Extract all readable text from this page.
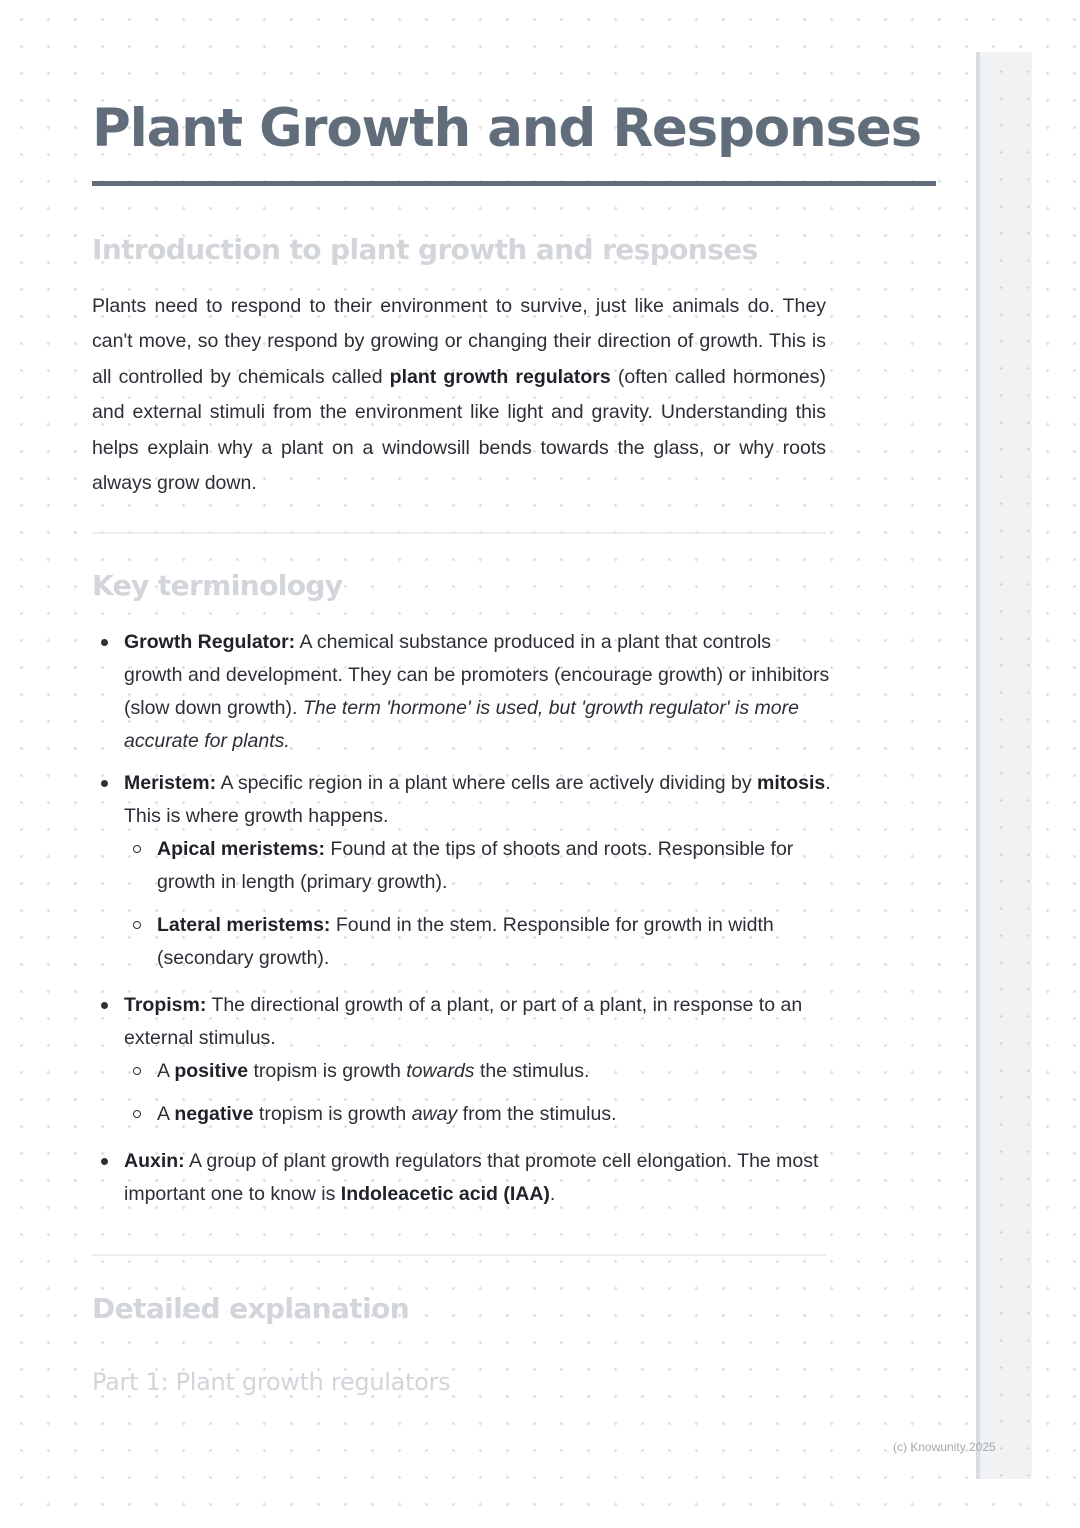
Plant Growth and Responses
Introduction to plant growth and responses

Plants need to respond to their environment to survive, just like animals do. They can't move, so they respond by growing or changing their direction of growth. This is all controlled by chemicals called plant growth regulators (often called hormones) and external stimuli from the environment like light and gravity. Understanding this helps explain why a plant on a windowsill bends towards the glass, or why roots always grow down.

Key terminology
Growth Regulator: A chemical substance produced in a plant that controls growth and development. They can be promoters (encourage growth) or inhibitors (slow down growth). The term 'hormone' is used, but 'growth regulator' is more accurate for plants.
Meristem: A specific region in a plant where cells are actively dividing by mitosis. This is where growth happens.
Apical meristems: Found at the tips of shoots and roots. Responsible for growth in length (primary growth).
Lateral meristems: Found in the stem. Responsible for growth in width (secondary growth).
Tropism: The directional growth of a plant, or part of a plant, in response to an external stimulus.
A positive tropism is growth towards the stimulus.
A negative tropism is growth away from the stimulus.
Auxin: A group of plant growth regulators that promote cell elongation. The most important one to know is Indoleacetic acid (IAA).
Detailed explanation
Part 1: Plant growth regulators

(c) Knowunity 2025
